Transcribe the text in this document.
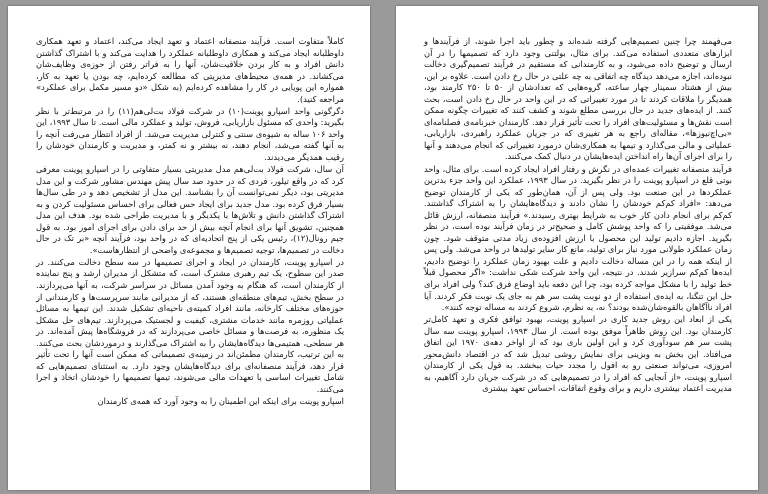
کاملاً متفاوت است. فرآیند منصفانه اعتماد و تعهد ایجاد می‌کند، اعتماد و تعهد همکاری داوطلبانه ایجاد می‌کند و همکاری داوطلبانه عملکرد را هدایت می‌کند و با اشتراک گذاشتن دانش افراد و به کار بردن خلاقیت‌شان، آنها را به فراتر رفتن از حوزه‌ی وظایف‌شان می‌کشاند. در همه‌ی محیط‌های مدیریتی که مطالعه کرده‌ایم، چه بودن یا تعهد به کار، همواره این پویایی در کار را مشاهده کرده‌ایم (به شکل «دو مسیر مکمل برای عملکرد» مراجعه کنید).

دگرگونی واحد اسپارو پوینت(۱۰) در شرکت فولاد بت‌لی‌هم(۱۱) را در مرتبط‌تر با نظر بگیرید: واحدی که مسئول بازاریابی، فروش، تولید و عملکرد مالی است. تا سال ۱۹۹۳، این واحد ۱۰۶ ساله به شیوه‌ی سنتی و کنترلی مدیریت می‌شد. از افراد انتظار می‌رفت آنچه را به آنها گفته می‌شد، انجام دهند، نه بیشتر و نه کمتر، و مدیریت و کارمندان خودشان را رقیب همدیگر می‌دیدند.

آن سال، شرکت فولاد بت‌لی‌هم مدل مدیریتی بسیار متفاوتی را در اسپارو پوینت معرفی کرد که در واقع تیلور، فردی که در حدود صد سال پیش مهندس مشاور شرکت و این مدل مدیریتی بود، دیگر نمی‌توانست آن را بشناسد. این مدل از تشخیص دهد و در طی سال‌ها بسیار فرق کرده بود. مدل جدید برای ایجاد حس فعالی برای احساس مسئولیت کردن و به اشتراک گذاشتن دانش و تلاش‌ها با یکدیگر و با مدیریت طراحی شده بود. هدف این مدل همچنین، تشویق آنها برای انجام آنچه بیش از حد برای دادن برای اجرای امور بود. به قول جیم رونال(۱۲)، رئیس یکی از پنج اتحادیه‌ای که در واحد بود، فرآیند آنچه «بر تک در حال دخالت در تصمیم‌ها، توجیه تصمیم‌ها و مجموعه‌ی واضحی از انتظارهاست».

در اسپارو پوینت، کارمندان در ایجاد و اجرای تصمیمها در سه سطح دخالت می‌کنند. در صدر این سطوح، یک تیم رهبری مشترک است، که متشکل از مدیران ارشد و پنج نماینده از کارمندان است، که هنگام به وجود آمدن مسائل در سراسر شرکت، به آنها می‌پردازند. در سطح بخش، تیم‌های منطقه‌ای هستند، که از مدیرانی مانند سرپرست‌ها و کارمندانی از حوزه‌های مختلف کارخانه، مانند افراد کمیته‌ی ناحیه‌ای تشکیل شدند. این تیمها به مسائل عملیاتی روزمره مانند خدمات مشتری، کیفیت و لجستیک می‌پردازند. تیم‌های حل مشکل یک منظوره، به فرصت‌ها و مسائل خاصی می‌پردازند که در فروشگاه‌ها پیش آمده‌اند. در هر سطحی، همتیمی‌ها دیدگاه‌هایشان را به اشتراک می‌گذارند و درمورد‌شان بحث می‌کنند. به این ترتیب، کارمندان مطمئن‌اند در زمینه‌ی تصمیماتی که ممکن است آنها را تحت تأثیر قرار دهد، فرآیند منصفانه‌ای برای دیدگاه‌هایشان وجود دارد. به استثنای تصمیم‌هایی که شامل تغییرات اساسی یا تعهدات مالی می‌شوند، تیمها تصمیمها را خودشان اتخاذ و اجرا می‌کنند.

اسپارو پوینت برای اینکه این اطمینان را به وجود آورد که همه‌ی کارمندان

می‌فهمند چرا چنین تصمیم‌هایی گرفته شده‌اند و چطور باید اجرا شوند، از فرآیندها و ابزارهای متعددی استفاده می‌کند. برای مثال، بولتنی وجود دارد که تصمیمها را در آن ارسال و توضیح داده می‌شود، و به کارمندانی که مستقیم در فرآیند تصمیم‌گیری دخالت نبوده‌اند، اجازه می‌دهد دیدگاه چه اتفاقی به چه علتی در حال رخ دادن است. علاوه بر این، بیش از هشتاد سمینار چهار ساعته، گروه‌هایی که تعدادشان از ۵۰ تا ۲۵۰ کارمند بود، همدیگر را ملاقات کردند تا در مورد تغییراتی که در این واحد در حال رخ دادن است، بحث کنند. از ایده‌های جدید در حال بررسی مطلع شوند و کشف کنند که تغییرات چگونه ممکن است نقش‌ها و مسئولیت‌های افراد را تحت تأثیر قرار دهد. کارمندان خبرنامه‌ی فصلنامه‌ای «بی‌اچ‌نیوزها»، مقاله‌ای راجع به هر تغییری که در جریان عملکرد راهبردی، بازاریابی، عملیاتی و مالی می‌گذارد و تیمها به همکاری‌شان درمورد تغییراتی که انجام می‌دهند و آنها را برای اجرای آن‌ها راه انداختن ایده‌هایشان در دنبال کمک می‌کنند.

فرآیند منصفانه تغییرات عمده‌ای در نگرش و رفتار افراد ایجاد کرده است. برای مثال، واحد بوتی قلع در اسپارو پوینت را در نظر بگیرید. در سال ۱۹۹۳، عملکرد این واحد جزء بدترین عملکردها در این صنعت بود. ولی پس از آن، همان‌طور که یکی از کارمندان توضیح می‌دهد: «افراد کم‌کم خودشان را نشان دادند و دیدگاه‌هایشان را به اشتراک گذاشتند. کم‌کم برای انجام دادن کار خوب به شرایط بهتری رسیدند.» فرآیند منصفانه، ارزش قائل می‌شد. موفقیتی را که واحد پوشش کامل و صحیح‌تر در زمان فرآیند بوده است، در نظر بگیرید. اجازه دادیم تولید این محصول با ارزش افزوده‌ی زیاد مدتی متوقف شود. چون زمان عملکرد طولانی مورد نیاز برای تولید، مانع کار سایر تولیدها در واحد می‌شد. ولی پس از اینکه همه را در این مساله دخالت دادیم و علت بهبود زمان عملکرد را توضیح دادیم، ایده‌ها کم‌کم سرازیر شدند. در نتیجه، این واحد شرکت شکی نداشت: «اگر محصول قبلاً خط تولید را با مشکل مواجه کرده بود، چرا این دفعه باید اوضاع فرق کند؟ ولی افراد برای حل این تنگنا، به ایده‌ی استفاده از دو نوبت پشت سر هم به جای یک نوبت فکر کردند. آیا افراد ناآگاهان بالقوه‌شان‌شده بودند؟ نه، به نظرم، شروع کردند به مساله توجه کنند».

یکی از ابعاد این روش جدید کاری در اسپارو پوینت، بهبود توافق فکری و تعهد کامل‌تر کارمندان بود. این روش ظاهراً موفق بوده است. از سال ۱۹۹۳، اسپارو پوینت سه سال پشت سر هم سودآوری کرد و این اولین باری بود که از اواخر دهه‌ی ۱۹۷۰ این اتفاق می‌افتاد. این بخش به وبزینی برای نمایش روشی تبدیل شد که در اقتصاد دانش‌محور امروزی، می‌تواند صنعتی رو به افول را مجدد حیات ببخشد. به قول یکی از کارمندان اسپارو پوینت، «از آنجایی که افراد را در تصمیم‌هایی که در شرکت جریان دارد آگاهیم، به مدیریت اعتماد بیشتری داریم و برای وقوع اتفاقات، احساس تعهد بیشتری
